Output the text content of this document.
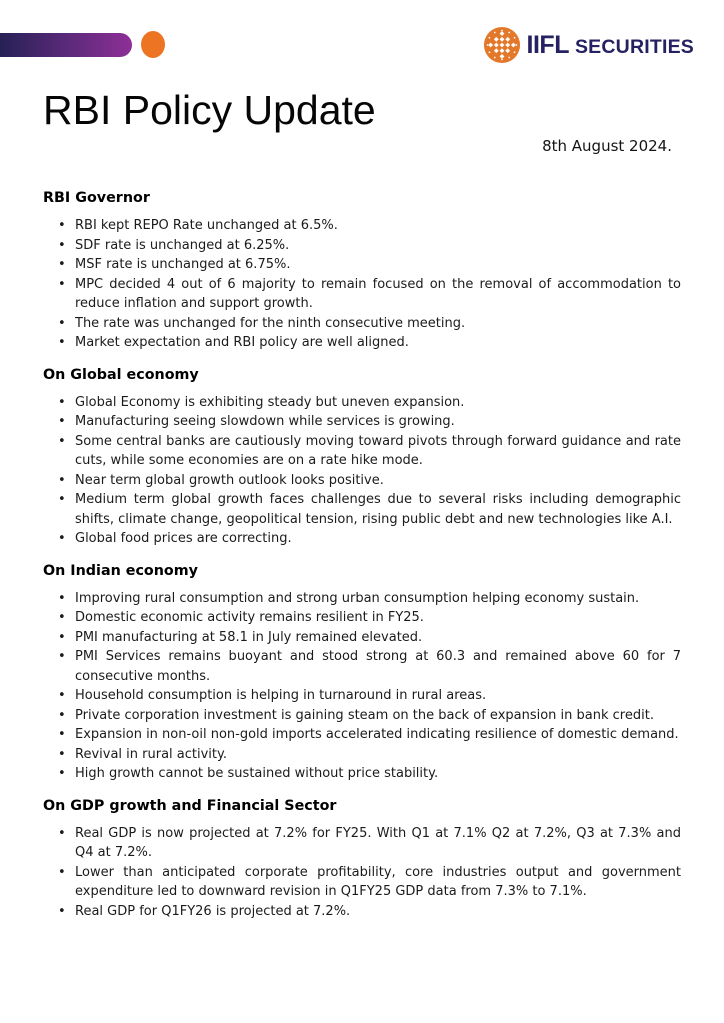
IIFL SECURITIES
RBI Policy Update
8th August 2024.
RBI Governor
• RBI kept REPO Rate unchanged at 6.5%.
• SDF rate is unchanged at 6.25%.
• MSF rate is unchanged at 6.75%.
• MPC decided 4 out of 6 majority to remain focused on the removal of accommodation to reduce inflation and support growth.
• The rate was unchanged for the ninth consecutive meeting.
• Market expectation and RBI policy are well aligned.
On Global economy
• Global Economy is exhibiting steady but uneven expansion.
• Manufacturing seeing slowdown while services is growing.
• Some central banks are cautiously moving toward pivots through forward guidance and rate cuts, while some economies are on a rate hike mode.
• Near term global growth outlook looks positive.
• Medium term global growth faces challenges due to several risks including demographic shifts, climate change, geopolitical tension, rising public debt and new technologies like A.I.
• Global food prices are correcting.
On Indian economy
• Improving rural consumption and strong urban consumption helping economy sustain.
• Domestic economic activity remains resilient in FY25.
• PMI manufacturing at 58.1 in July remained elevated.
• PMI Services remains buoyant and stood strong at 60.3 and remained above 60 for 7 consecutive months.
• Household consumption is helping in turnaround in rural areas.
• Private corporation investment is gaining steam on the back of expansion in bank credit.
• Expansion in non-oil non-gold imports accelerated indicating resilience of domestic demand.
• Revival in rural activity.
• High growth cannot be sustained without price stability.
On GDP growth and Financial Sector
• Real GDP is now projected at 7.2% for FY25. With Q1 at 7.1% Q2 at 7.2%, Q3 at 7.3% and Q4 at 7.2%.
• Lower than anticipated corporate profitability, core industries output and government expenditure led to downward revision in Q1FY25 GDP data from 7.3% to 7.1%.
• Real GDP for Q1FY26 is projected at 7.2%.
